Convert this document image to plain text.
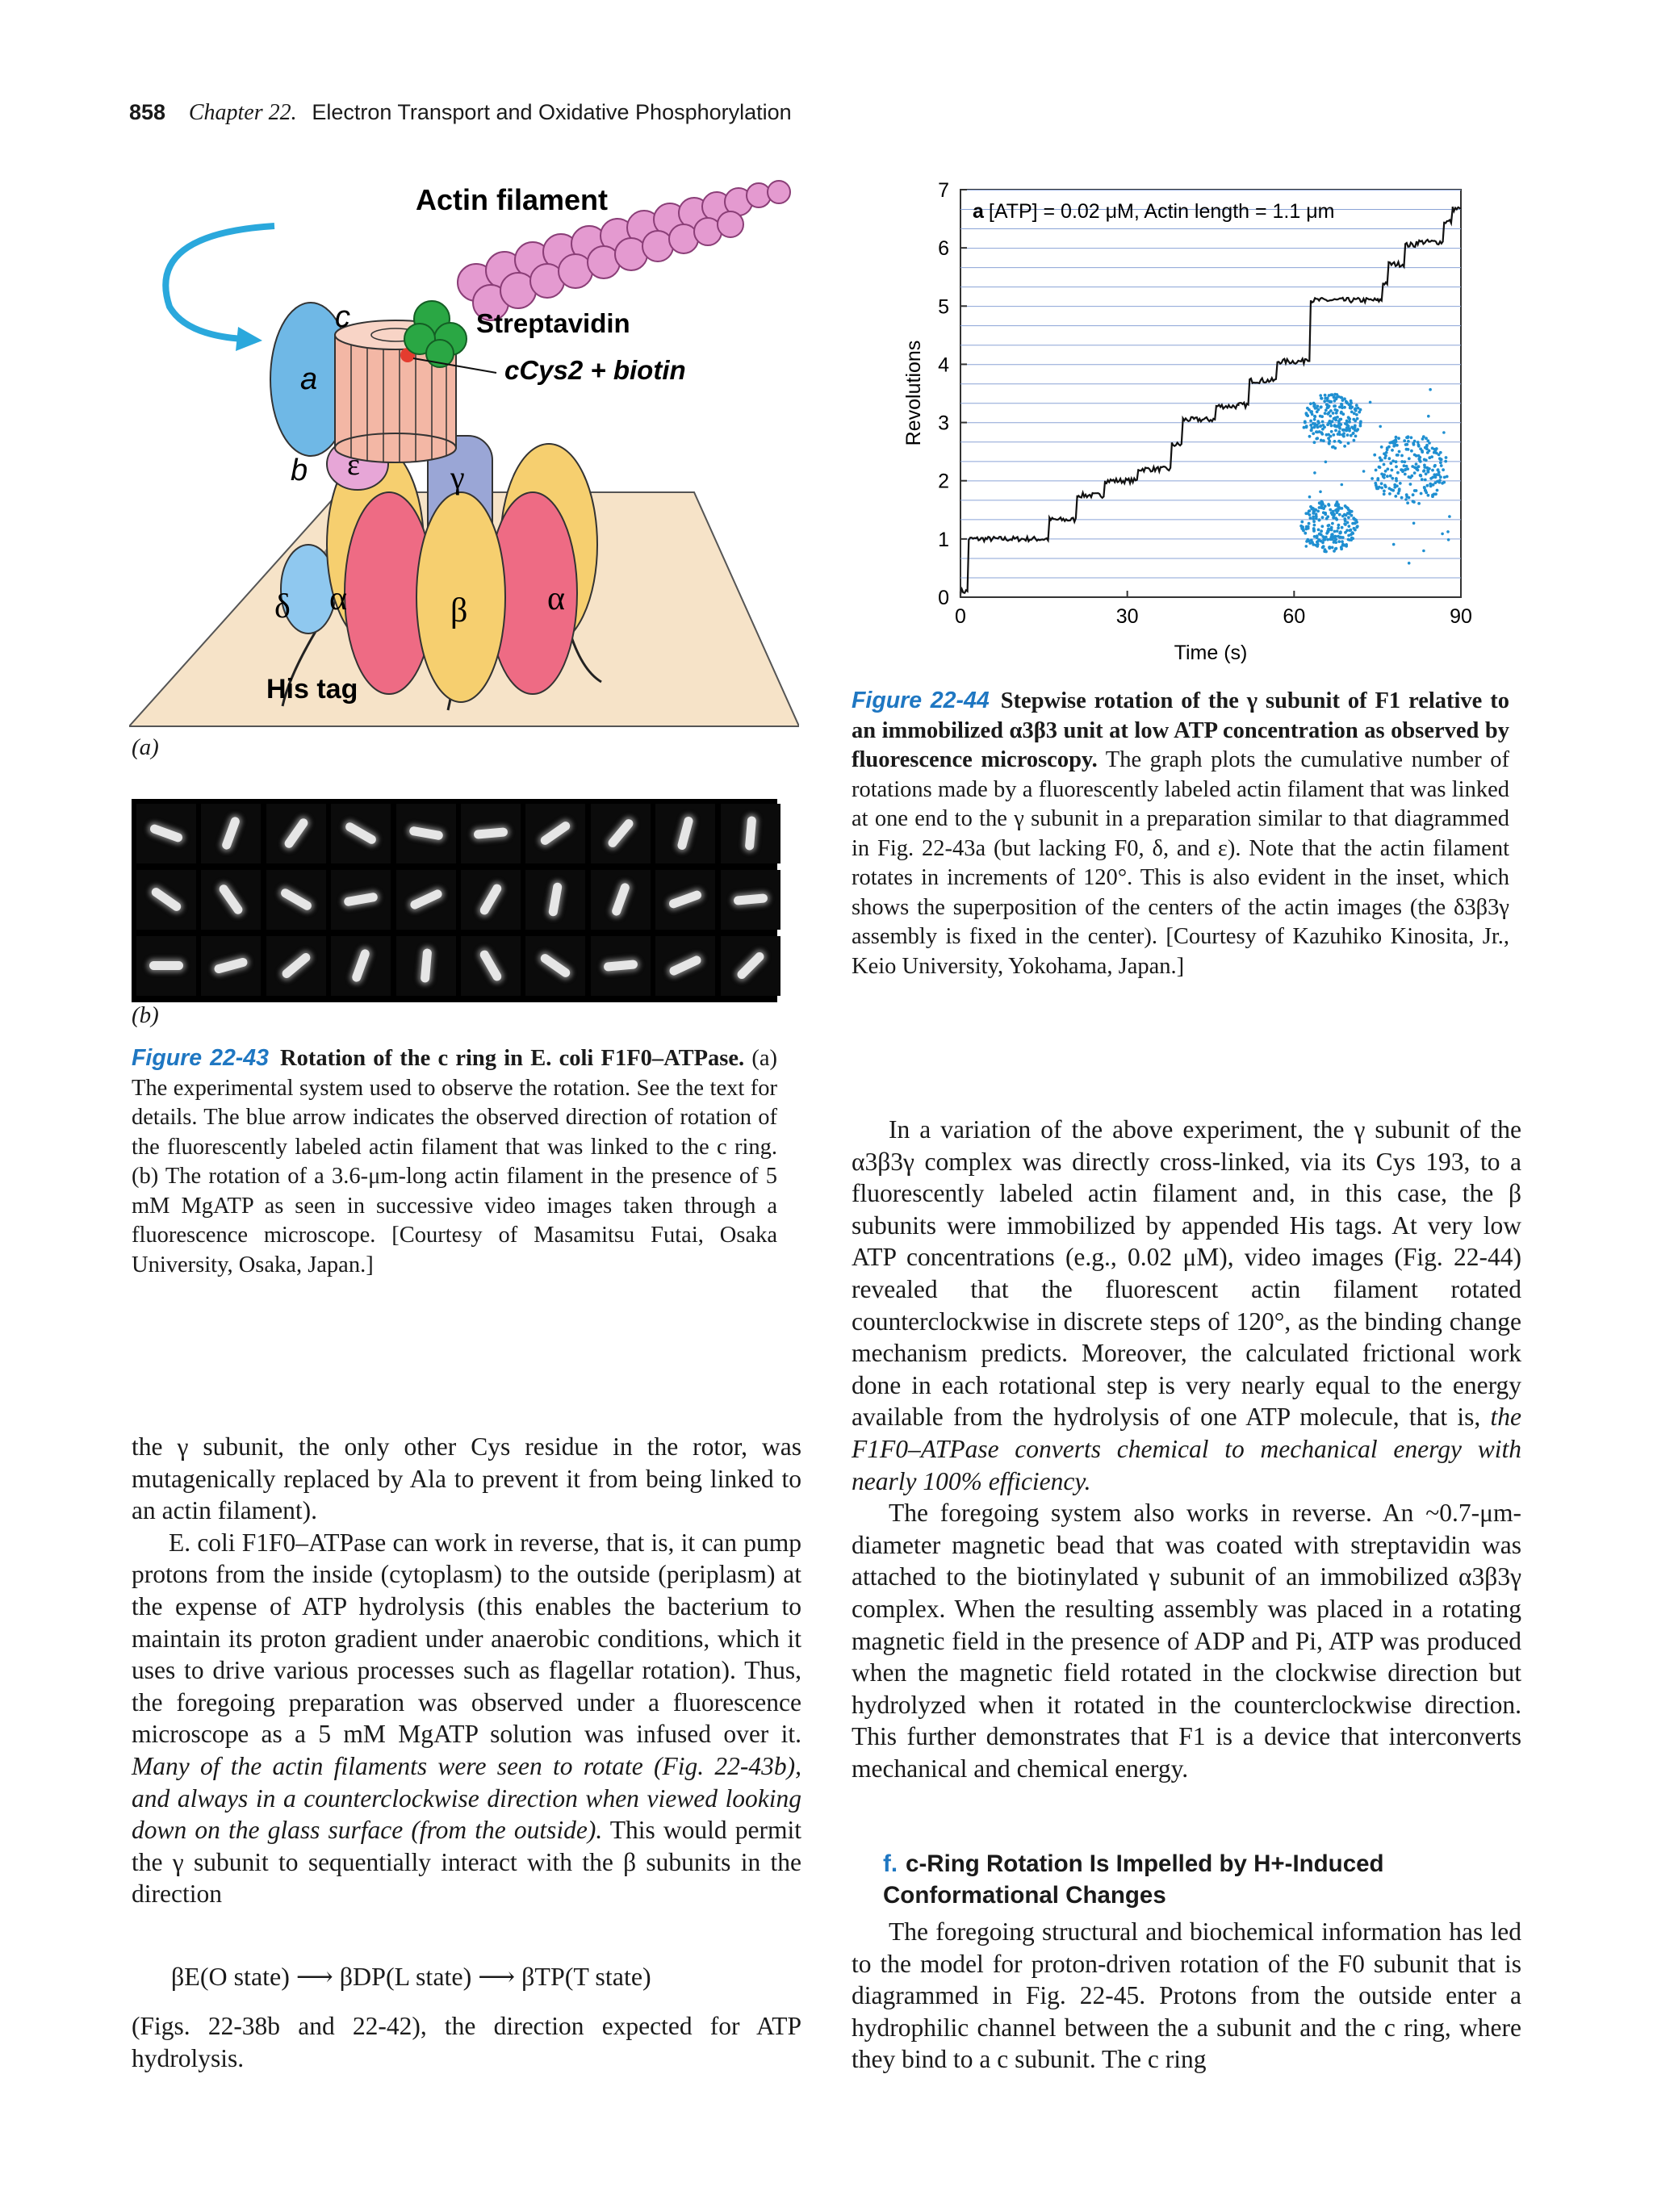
858 Chapter 22. Electron Transport and Oxidative Phosphorylation
Actin filament
Streptavidin
cCys2 + biotin
c
a
b ε	γ
δ α	β α
His tag
(a)
(b)
Figure 22-43 Rotation of the c ring in E. coli F1F0–ATPase. (a) The experimental system used to observe the rotation. See the text for details. The blue arrow indicates the observed direction of rotation of the fluorescently labeled actin filament that was linked to the c ring. (b) The rotation of a 3.6-μm-long actin filament in the presence of 5 mM MgATP as seen in successive video images taken through a fluorescence microscope. [Courtesy of Masamitsu Futai, Osaka University, Osaka, Japan.]
0
1
2
3
4
5
6
7
0	30	60	90
a [ATP] = 0.02 μM, Actin length = 1.1 μm
Time (s)
Revolutions
Figure 22-44 Stepwise rotation of the γ subunit of F1 relative to an immobilized α3β3 unit at low ATP concentration as observed by fluorescence microscopy. The graph plots the cumulative number of rotations made by a fluorescently labeled actin filament that was linked at one end to the γ subunit in a preparation similar to that diagrammed in Fig. 22-43a (but lacking F0, δ, and ε). Note that the actin filament rotates in increments of 120°. This is also evident in the inset, which shows the superposition of the centers of the actin images (the δ3β3γ assembly is fixed in the center). [Courtesy of Kazuhiko Kinosita, Jr., Keio University, Yokohama, Japan.]

the γ subunit, the only other Cys residue in the rotor, was mutagenically replaced by Ala to prevent it from being linked to an actin filament).

E. coli F1F0–ATPase can work in reverse, that is, it can pump protons from the inside (cytoplasm) to the outside (periplasm) at the expense of ATP hydrolysis (this enables the bacterium to maintain its proton gradient under anaerobic conditions, which it uses to drive various processes such as flagellar rotation). Thus, the foregoing preparation was observed under a fluorescence microscope as a 5 mM MgATP solution was infused over it. Many of the actin filaments were seen to rotate (Fig. 22-43b), and always in a counterclockwise direction when viewed looking down on the glass surface (from the outside). This would permit the γ subunit to sequentially interact with the β subunits in the direction

βE(O state) ⟶ βDP(L state) ⟶ βTP(T state)

(Figs. 22-38b and 22-42), the direction expected for ATP hydrolysis.

In a variation of the above experiment, the γ subunit of the α3β3γ complex was directly cross-linked, via its Cys 193, to a fluorescently labeled actin filament and, in this case, the β subunits were immobilized by appended His tags. At very low ATP concentrations (e.g., 0.02 μM), video images (Fig. 22-44) revealed that the fluorescent actin filament rotated counterclockwise in discrete steps of 120°, as the binding change mechanism predicts. Moreover, the calculated frictional work done in each rotational step is very nearly equal to the energy available from the hydrolysis of one ATP molecule, that is, the F1F0–ATPase converts chemical to mechanical energy with nearly 100% efficiency.

The foregoing system also works in reverse. An ~0.7-μm-diameter magnetic bead that was coated with streptavidin was attached to the biotinylated γ subunit of an immobilized α3β3γ complex. When the resulting assembly was placed in a rotating magnetic field in the presence of ADP and Pi, ATP was produced when the magnetic field rotated in the clockwise direction but hydrolyzed when it rotated in the counterclockwise direction. This further demonstrates that F1 is a device that interconverts mechanical and chemical energy.

f. c-Ring Rotation Is Impelled by H+-Induced Conformational Changes

The foregoing structural and biochemical information has led to the model for proton-driven rotation of the F0 subunit that is diagrammed in Fig. 22-45. Protons from the outside enter a hydrophilic channel between the a subunit and the c ring, where they bind to a c subunit. The c ring
